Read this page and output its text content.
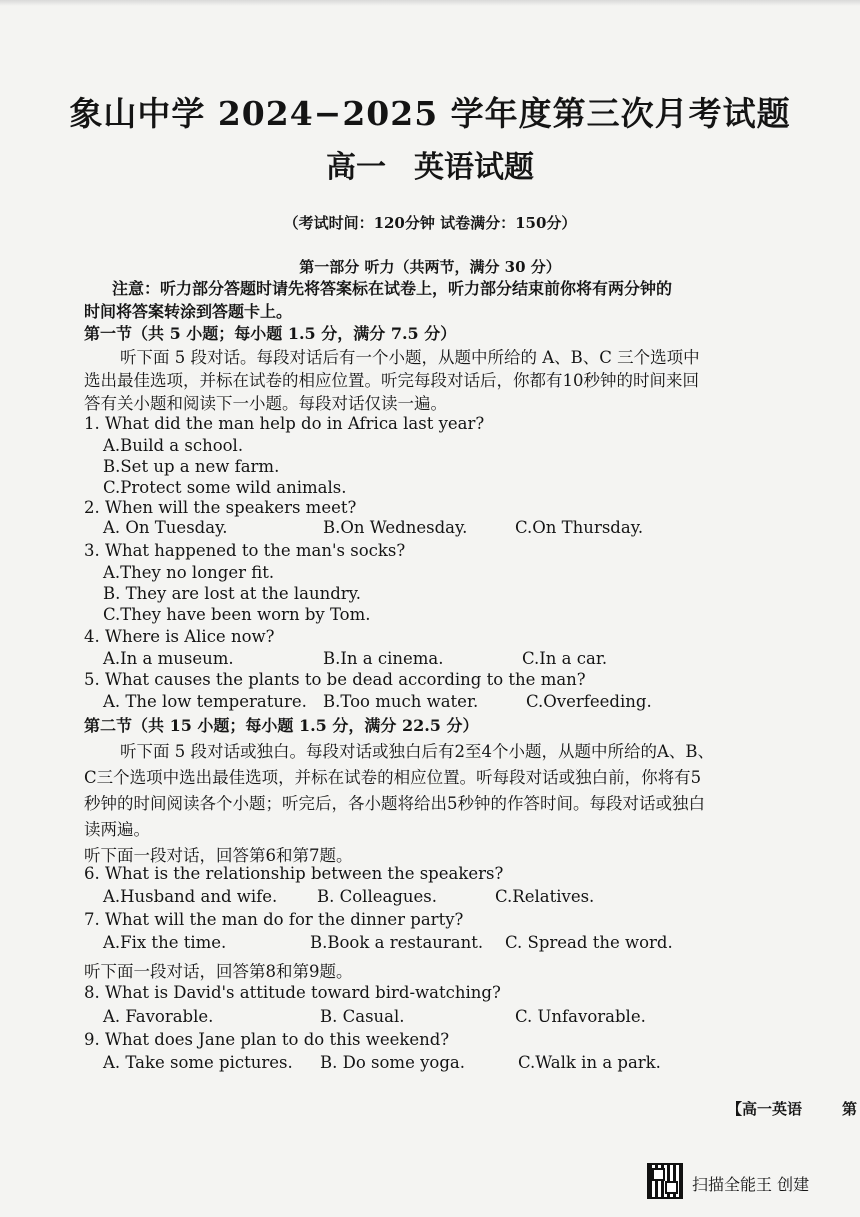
象山中学 2024−2025 学年度第三次月考试题
高一 英语试题
（考试时间：120分钟 试卷满分：150分）
第一部分 听力（共两节，满分 30 分）
注意：听力部分答题时请先将答案标在试卷上，听力部分结束前你将有两分钟的
时间将答案转涂到答题卡上。
第一节（共 5 小题；每小题 1.5 分，满分 7.5 分）
听下面 5 段对话。每段对话后有一个小题，从题中所给的 A、B、C 三个选项中
选出最佳选项，并标在试卷的相应位置。听完每段对话后，你都有10秒钟的时间来回
答有关小题和阅读下一小题。每段对话仅读一遍。
1. What did the man help do in Africa last year?
A.Build a school.
B.Set up a new farm.
C.Protect some wild animals.
2. When will the speakers meet?
A. On Tuesday.	B.On Wednesday.	C.On Thursday.
3. What happened to the man's socks?
A.They no longer fit.
B. They are lost at the laundry.
C.They have been worn by Tom.
4. Where is Alice now?
A.In a museum.	B.In a cinema.	C.In a car.
5. What causes the plants to be dead according to the man?
A. The low temperature. B.Too much water.	C.Overfeeding.
第二节（共 15 小题；每小题 1.5 分，满分 22.5 分）
听下面 5 段对话或独白。每段对话或独白后有2至4个小题，从题中所给的A、B、
C三个选项中选出最佳选项，并标在试卷的相应位置。听每段对话或独白前，你将有5
秒钟的时间阅读各个小题；听完后，各小题将给出5秒钟的作答时间。每段对话或独白
读两遍。
听下面一段对话，回答第6和第7题。
6. What is the relationship between the speakers?
A.Husband and wife. B. Colleagues.	C.Relatives.
7. What will the man do for the dinner party?
A.Fix the time.	B.Book a restaurant. C. Spread the word.
听下面一段对话，回答第8和第9题。
8. What is David's attitude toward bird-watching?
A. Favorable.	B. Casual.	C. Unfavorable.
9. What does Jane plan to do this weekend?
A. Take some pictures. B. Do some yoga.	C.Walk in a park.
【高一英语	第
扫描全能王 创建
